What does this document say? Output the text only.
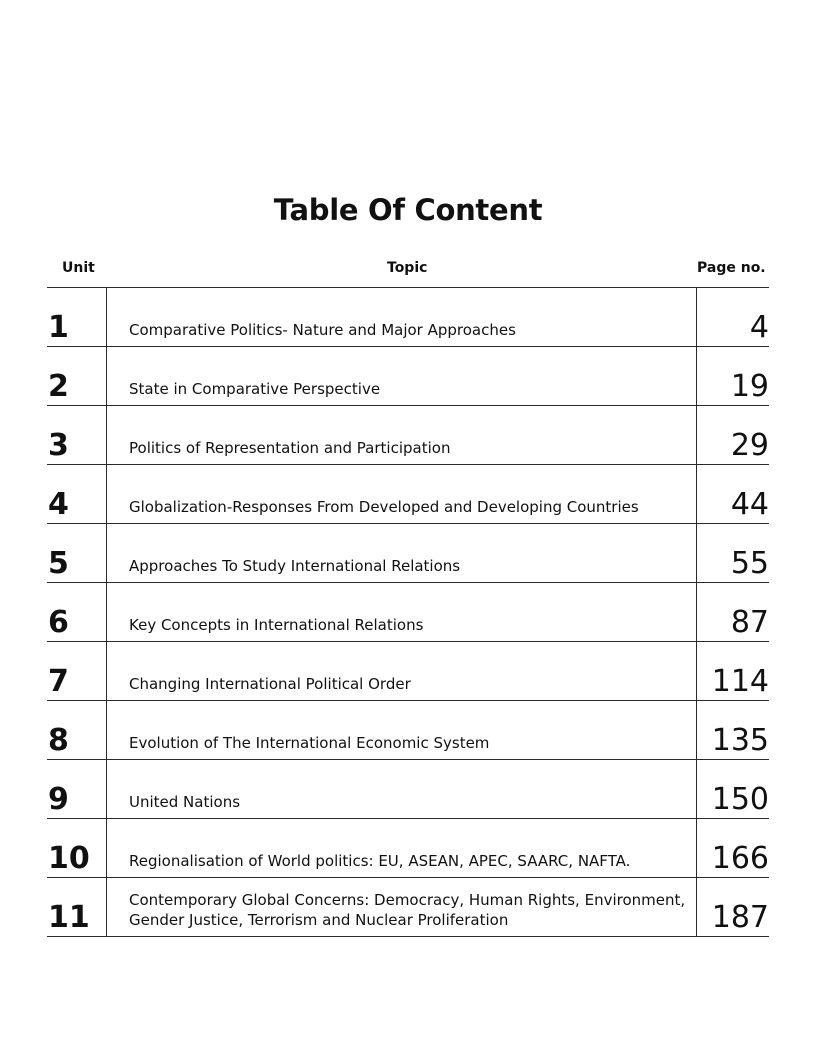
Table Of Content
Unit	Topic	Page no.
1	Comparative Politics- Nature and Major Approaches	4
2	State in Comparative Perspective	19
3	Politics of Representation and Participation	29
4	Globalization-Responses From Developed and Developing Countries	44
5	Approaches To Study International Relations	55
6	Key Concepts in International Relations	87
7	Changing International Political Order	114
8	Evolution of The International Economic System	135
9	United Nations	150
10	Regionalisation of World politics: EU, ASEAN, APEC, SAARC, NAFTA.	166
11	Contemporary Global Concerns: Democracy, Human Rights, Environment, Gender Justice, Terrorism and Nuclear Proliferation	187
